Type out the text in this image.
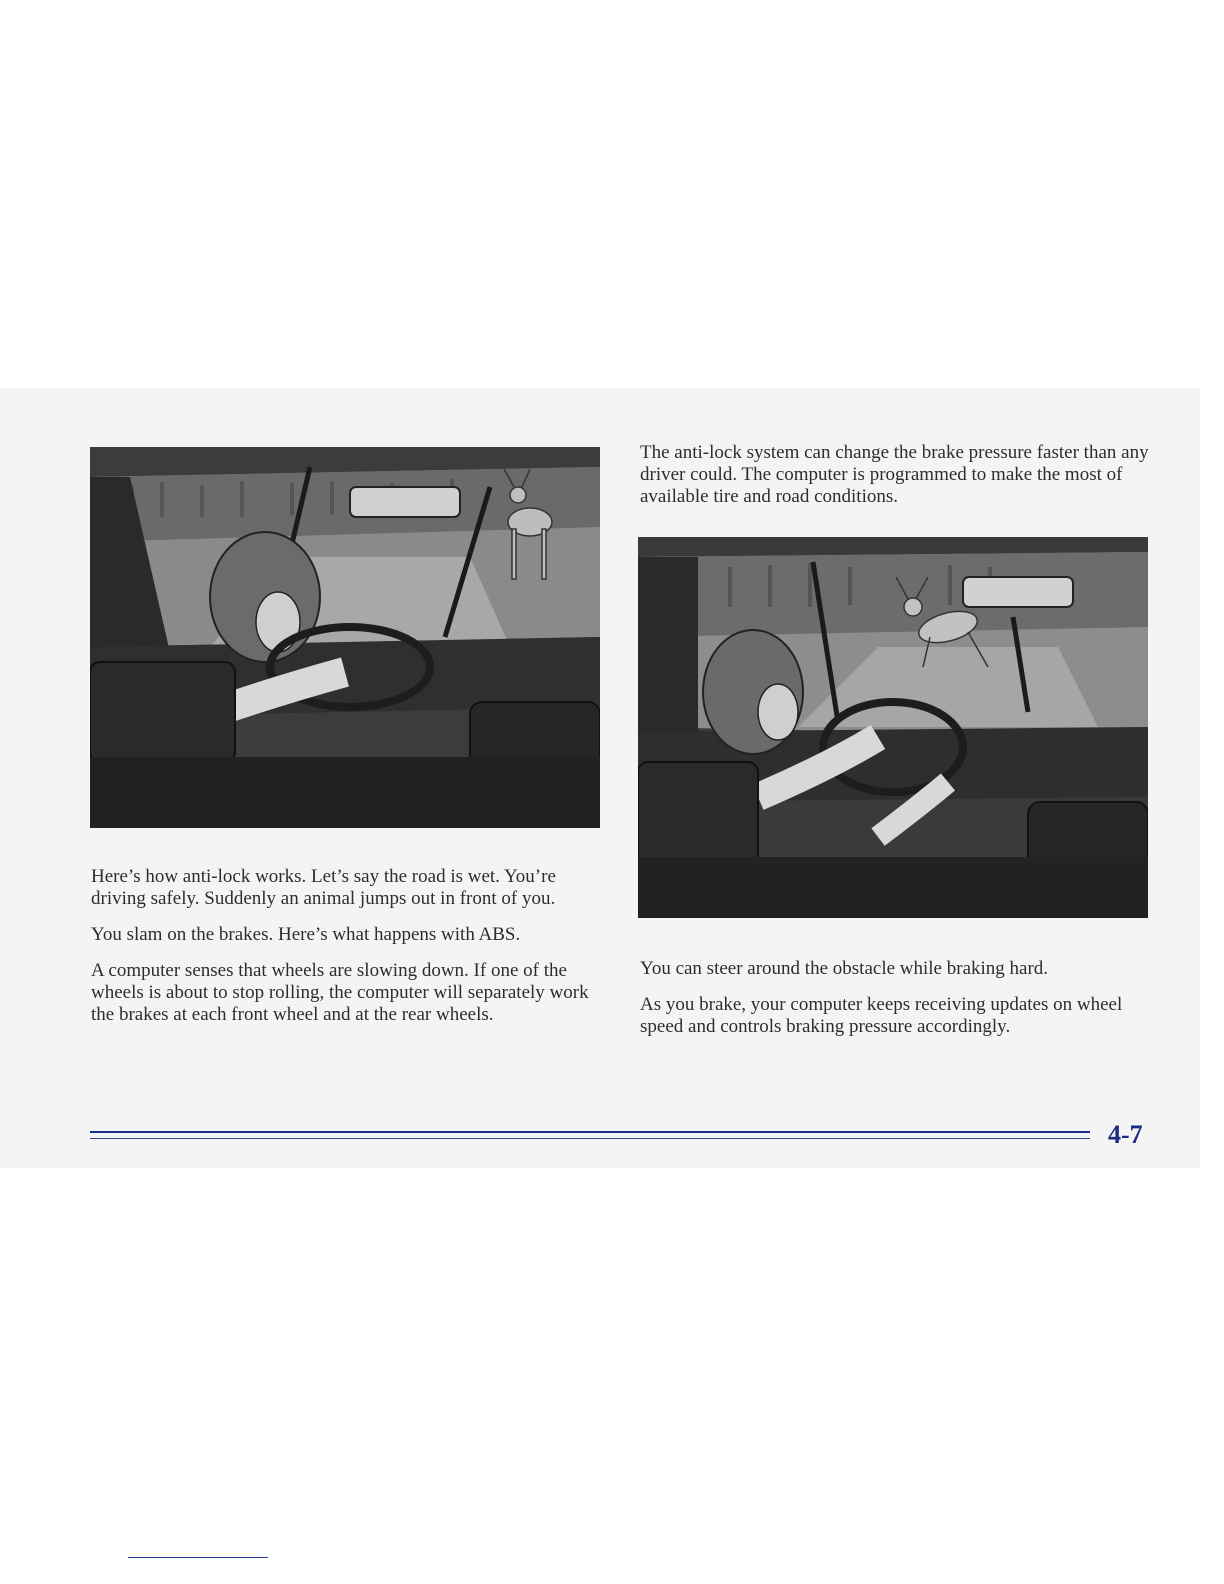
The anti-lock system can change the brake pressure faster than any driver could. The computer is programmed to make the most of available tire and road conditions.

Here’s how anti-lock works. Let’s say the road is wet. You’re driving safely. Suddenly an animal jumps out in front of you.

You slam on the brakes. Here’s what happens with ABS.

A computer senses that wheels are slowing down. If one of the wheels is about to stop rolling, the computer will separately work the brakes at each front wheel and at the rear wheels.

You can steer around the obstacle while braking hard.

As you brake, your computer keeps receiving updates on wheel speed and controls braking pressure accordingly.

4-7
